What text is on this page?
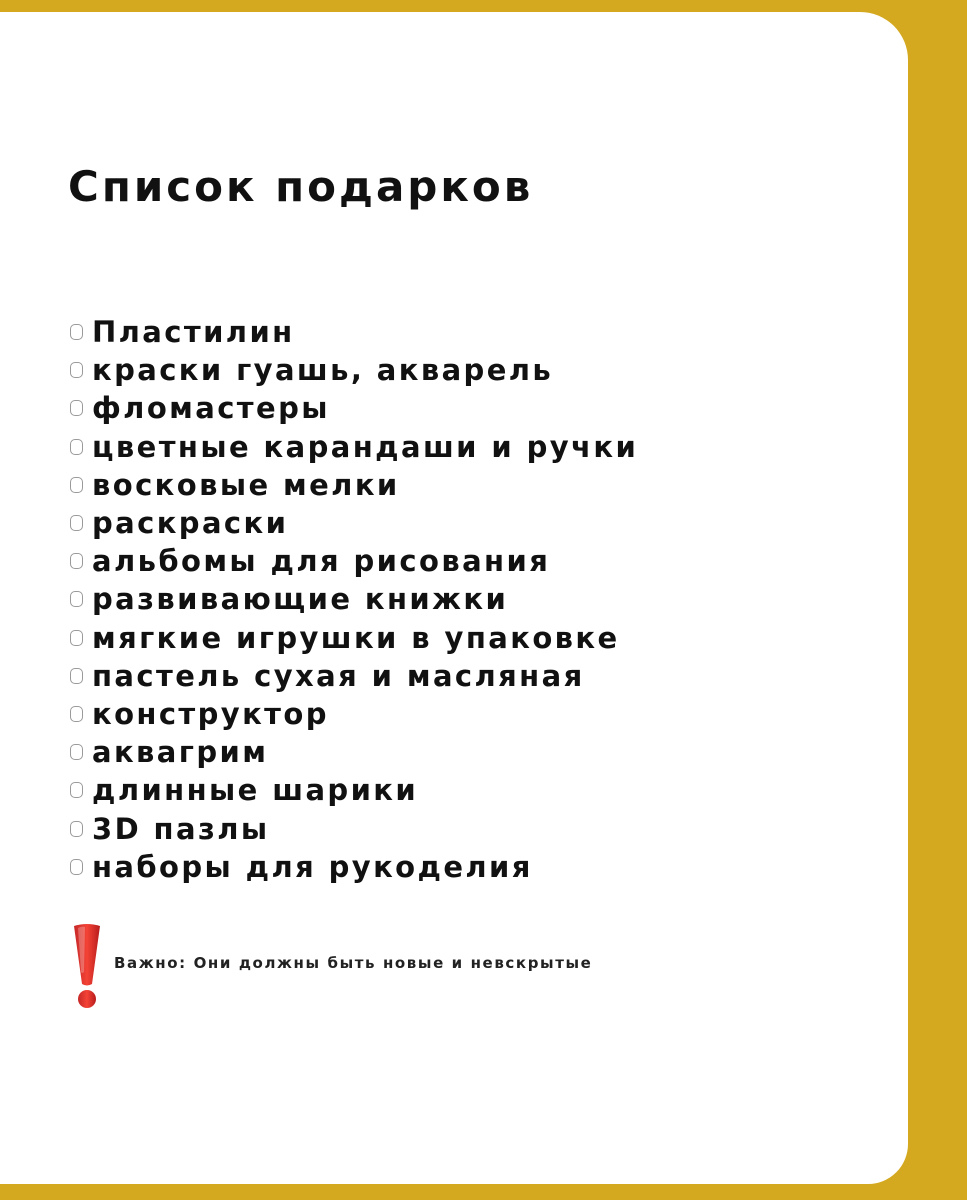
Список подарков
Пластилин
краски гуашь, акварель
фломастеры
цветные карандаши и ручки
восковые мелки
раскраски
альбомы для рисования
развивающие книжки
мягкие игрушки в упаковке
пастель сухая и масляная
конструктор
аквагрим
длинные шарики
3D пазлы
наборы для рукоделия
Важно: Они должны быть новые и невскрытые
